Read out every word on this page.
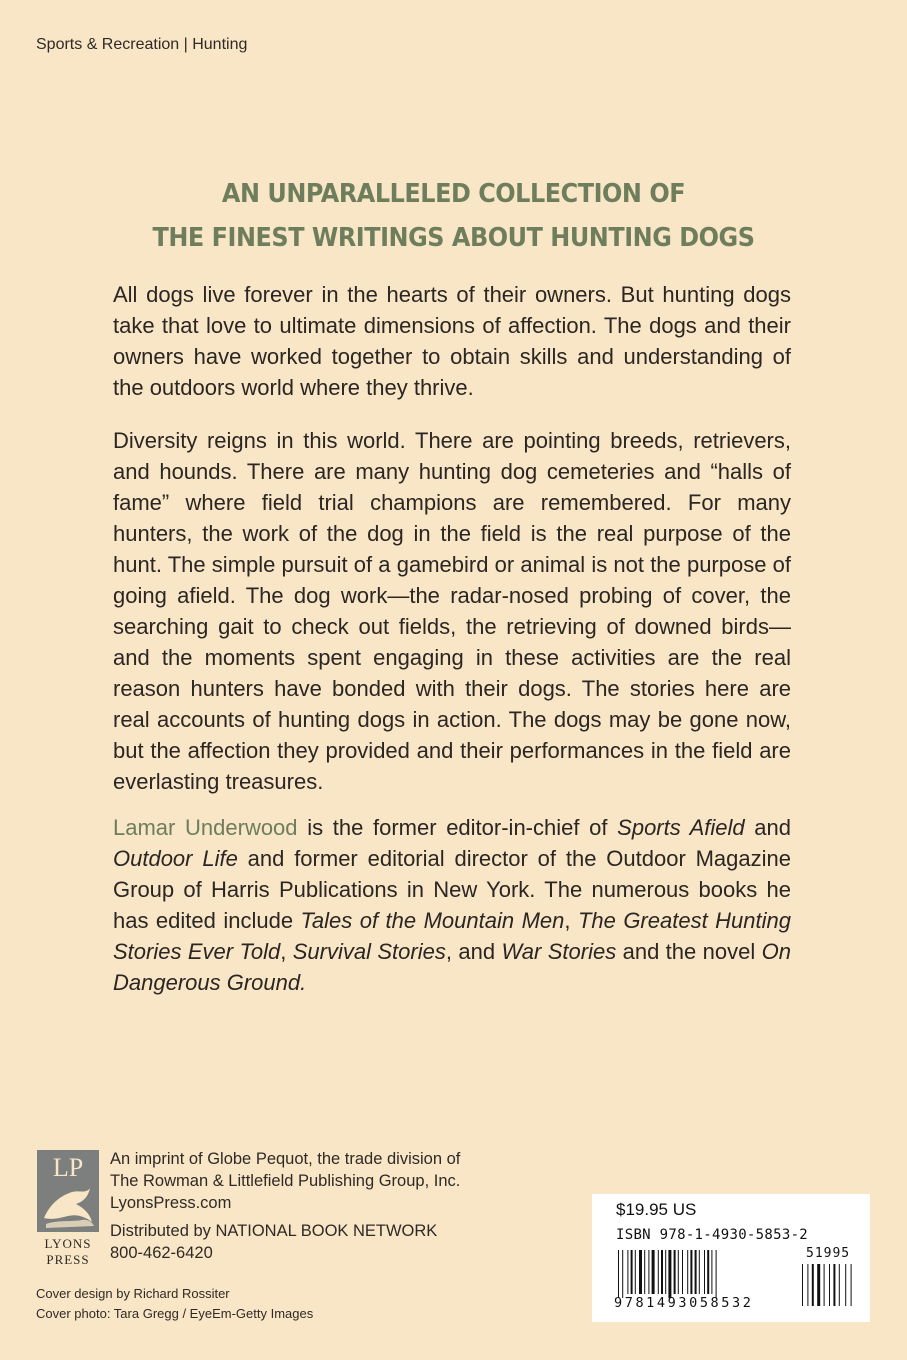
Sports & Recreation | Hunting
AN UNPARALLELED COLLECTION OF
THE FINEST WRITINGS ABOUT HUNTING DOGS
All dogs live forever in the hearts of their owners. But hunting dogs take that love to ultimate dimensions of affection. The dogs and their owners have worked together to obtain skills and understanding of the outdoors world where they thrive.
Diversity reigns in this world. There are pointing breeds, retrievers, and hounds. There are many hunting dog cemeteries and “halls of fame” where field trial champions are remembered. For many hunters, the work of the dog in the field is the real purpose of the hunt. The simple pursuit of a gamebird or animal is not the purpose of going afield. The dog work—the radar-nosed probing of cover, the searching gait to check out fields, the retrieving of downed birds—and the moments spent engaging in these activities are the real reason hunters have bonded with their dogs. The stories here are real accounts of hunting dogs in action. The dogs may be gone now, but the affection they provided and their performances in the field are everlasting treasures.
Lamar Underwood is the former editor-in-chief of Sports Afield and Outdoor Life and former editorial director of the Outdoor Magazine Group of Harris Publications in New York. The numerous books he has edited include Tales of the Mountain Men, The Greatest Hunting Stories Ever Told, Survival Stories, and War Stories and the novel On Dangerous Ground.
LP
LYONS
PRESS
An imprint of Globe Pequot, the trade division of
The Rowman & Littlefield Publishing Group, Inc.
LyonsPress.com
Distributed by NATIONAL BOOK NETWORK
800-462-6420
Cover design by Richard Rossiter
Cover photo: Tara Gregg / EyeEm-Getty Images
$19.95 US
ISBN 978-1-4930-5853-2
51995
9781493058532
